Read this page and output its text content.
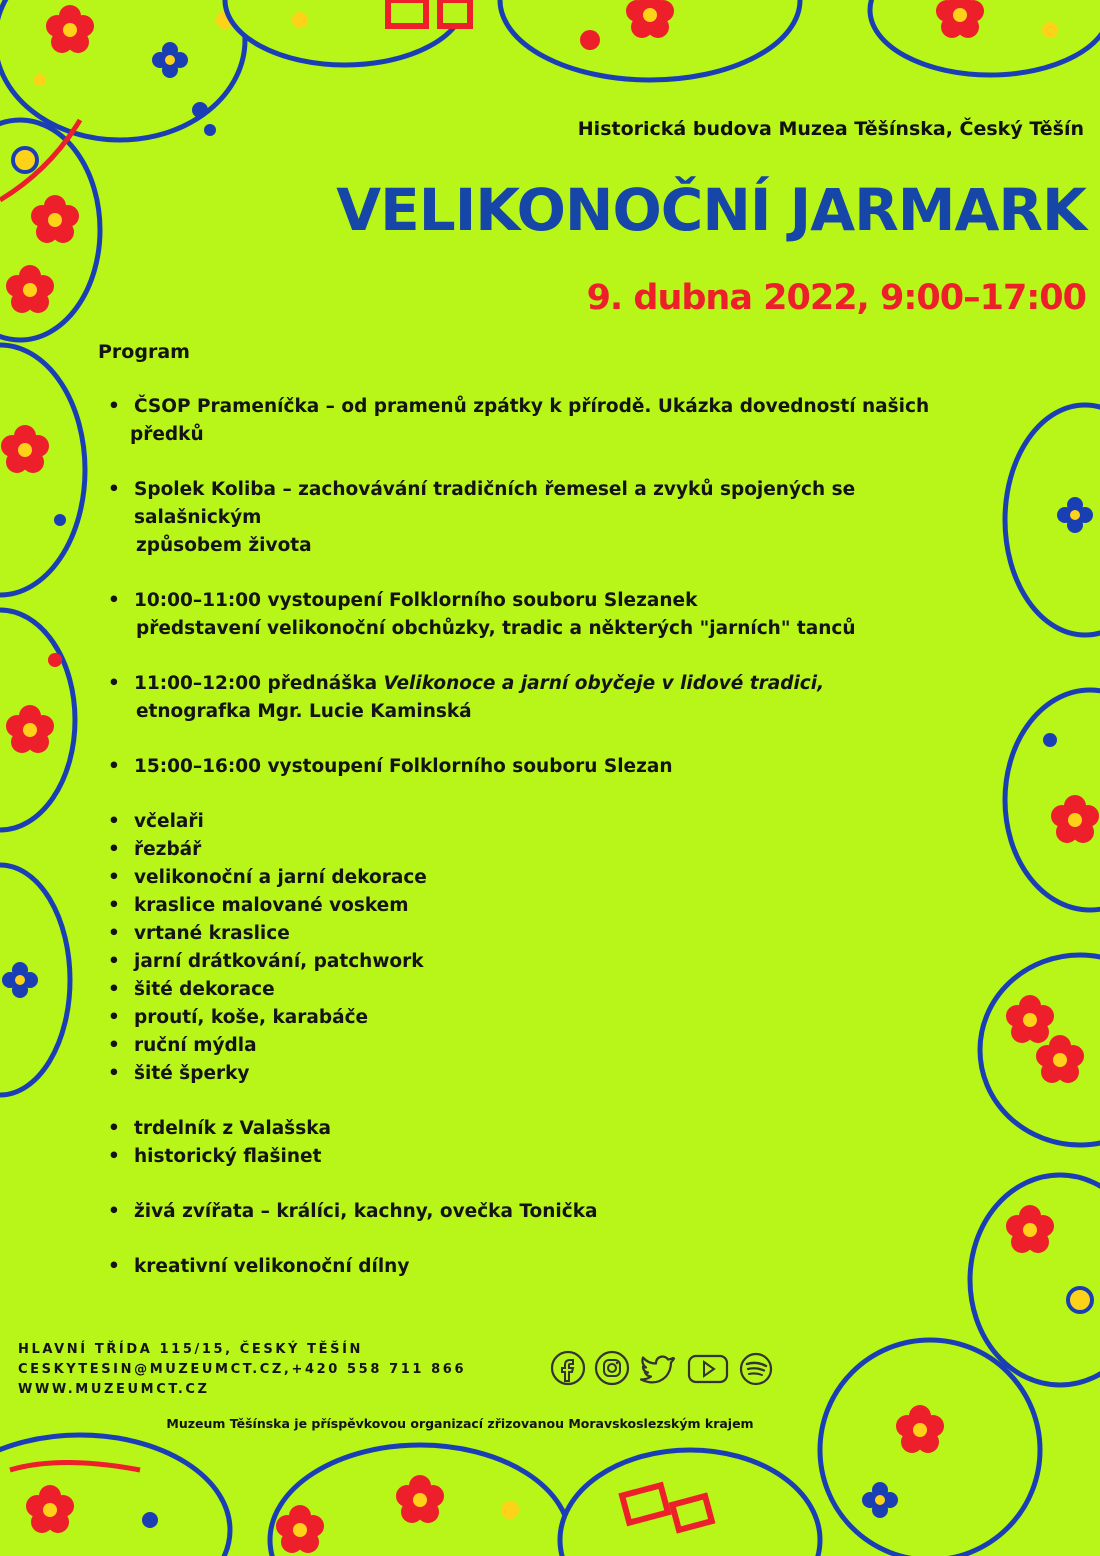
Historická budova Muzea Těšínska, Český Těšín
VELIKONOČNÍ JARMARK
9. dubna 2022, 9:00–17:00
Program
• ČSOP Prameníčka – od pramenů zpátky k přírodě. Ukázka dovedností našich
předků
• Spolek Koliba – zachovávání tradičních řemesel a zvyků spojených se salašnickým
způsobem života
• 10:00–11:00 vystoupení Folklorního souboru Slezanek
představení velikonoční obchůzky, tradic a některých "jarních" tanců
• 11:00–12:00 přednáška Velikonoce a jarní obyčeje v lidové tradici,
etnografka Mgr. Lucie Kaminská
• 15:00–16:00 vystoupení Folklorního souboru Slezan
• včelaři
• řezbář
• velikonoční a jarní dekorace
• kraslice malované voskem
• vrtané kraslice
• jarní drátkování, patchwork
• šité dekorace
• proutí, koše, karabáče
• ruční mýdla
• šité šperky
• trdelník z Valašska
• historický flašinet
• živá zvířata – králíci, kachny, ovečka Tonička
• kreativní velikonoční dílny
HLAVNÍ TŘÍDA 115/15, ČESKÝ TĚŠÍN
CESKYTESIN@MUZEUMCT.CZ,+420 558 711 866
WWW.MUZEUMCT.CZ
Muzeum Těšínska je příspěvkovou organizací zřizovanou Moravskoslezským krajem
